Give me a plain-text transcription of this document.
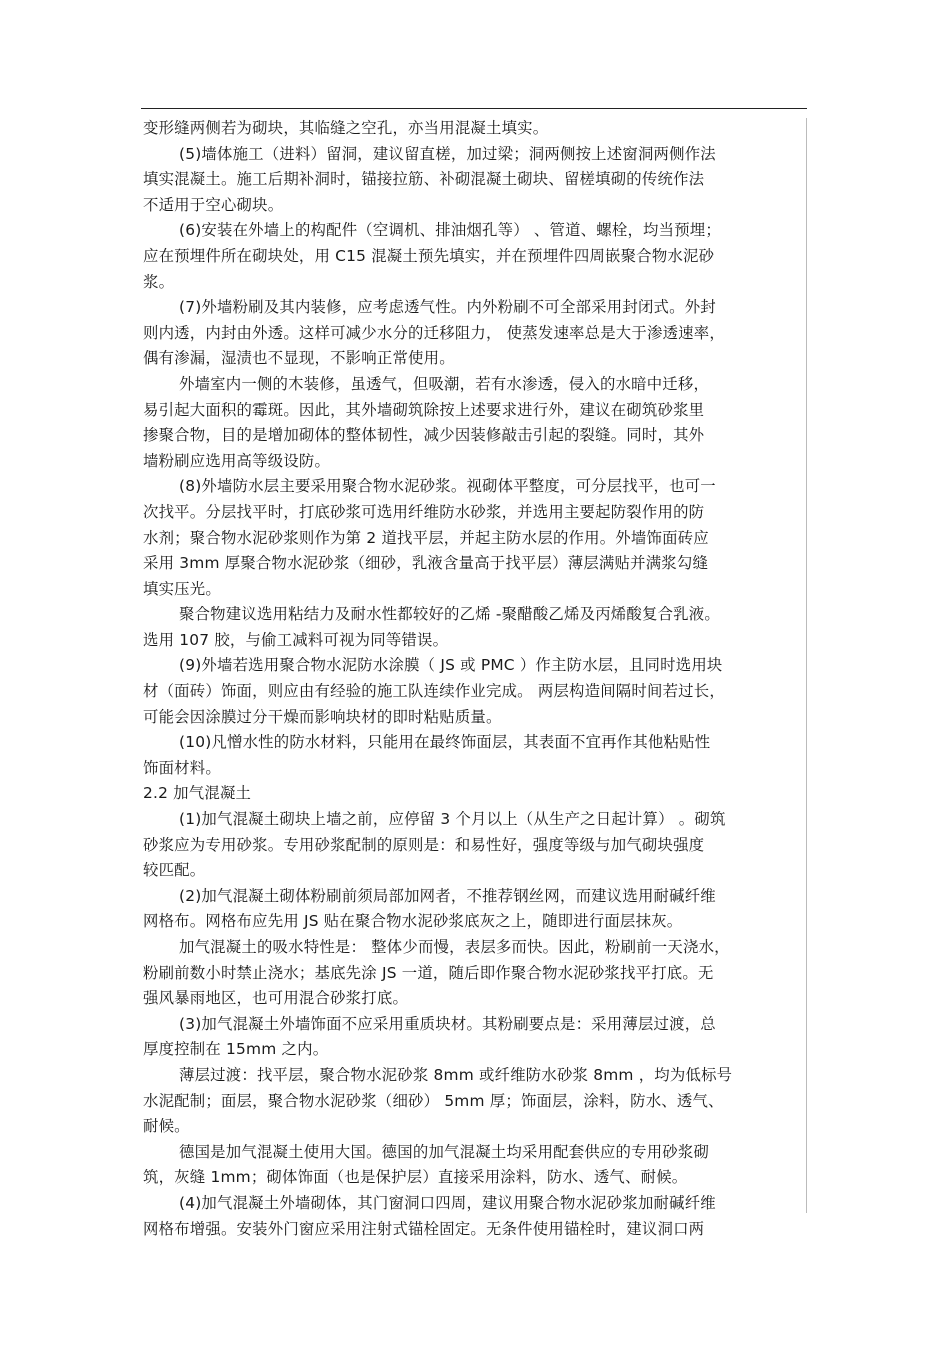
变形缝两侧若为砌块，其临缝之空孔，亦当用混凝土填实。
(5)墙体施工（进料）留洞，建议留直槎，加过梁；洞两侧按上述窗洞两侧作法
填实混凝土。施工后期补洞时，锚接拉筋、补砌混凝土砌块、留槎填砌的传统作法
不适用于空心砌块。
(6)安装在外墙上的构配件（空调机、排油烟孔等） 、管道、螺栓，均当预埋；
应在预埋件所在砌块处，用 C15 混凝土预先填实，并在预埋件四周嵌聚合物水泥砂
浆。
(7)外墙粉刷及其内装修，应考虑透气性。内外粉刷不可全部采用封闭式。外封
则内透，内封由外透。这样可减少水分的迁移阻力， 使蒸发速率总是大于渗透速率，
偶有渗漏，湿渍也不显现，不影响正常使用。
外墙室内一侧的木装修，虽透气，但吸潮，若有水渗透，侵入的水暗中迁移，
易引起大面积的霉斑。因此，其外墙砌筑除按上述要求进行外，建议在砌筑砂浆里
掺聚合物，目的是增加砌体的整体韧性，减少因装修敲击引起的裂缝。同时，其外
墙粉刷应选用高等级设防。
(8)外墙防水层主要采用聚合物水泥砂浆。视砌体平整度，可分层找平，也可一
次找平。分层找平时，打底砂浆可选用纤维防水砂浆，并选用主要起防裂作用的防
水剂；聚合物水泥砂浆则作为第 2 道找平层，并起主防水层的作用。外墙饰面砖应
采用 3mm 厚聚合物水泥砂浆（细砂，乳液含量高于找平层）薄层满贴并满浆勾缝
填实压光。
聚合物建议选用粘结力及耐水性都较好的乙烯 -聚醋酸乙烯及丙烯酸复合乳液。
选用 107 胶，与偷工减料可视为同等错误。
(9)外墙若选用聚合物水泥防水涂膜（ JS 或 PMC ）作主防水层，且同时选用块
材（面砖）饰面，则应由有经验的施工队连续作业完成。 两层构造间隔时间若过长，
可能会因涂膜过分干燥而影响块材的即时粘贴质量。
(10)凡憎水性的防水材料，只能用在最终饰面层，其表面不宜再作其他粘贴性
饰面材料。
2.2 加气混凝土
(1)加气混凝土砌块上墙之前，应停留 3 个月以上（从生产之日起计算） 。砌筑
砂浆应为专用砂浆。专用砂浆配制的原则是：和易性好，强度等级与加气砌块强度
较匹配。
(2)加气混凝土砌体粉刷前须局部加网者，不推荐钢丝网，而建议选用耐碱纤维
网格布。网格布应先用 JS 贴在聚合物水泥砂浆底灰之上，随即进行面层抹灰。
加气混凝土的吸水特性是： 整体少而慢，表层多而快。因此，粉刷前一天浇水，
粉刷前数小时禁止浇水；基底先涂 JS 一道，随后即作聚合物水泥砂浆找平打底。无
强风暴雨地区，也可用混合砂浆打底。
(3)加气混凝土外墙饰面不应采用重质块材。其粉刷要点是：采用薄层过渡，总
厚度控制在 15mm 之内。
薄层过渡：找平层，聚合物水泥砂浆 8mm 或纤维防水砂浆 8mm ，均为低标号
水泥配制；面层，聚合物水泥砂浆（细砂） 5mm 厚；饰面层，涂料，防水、透气、
耐候。
德国是加气混凝土使用大国。德国的加气混凝土均采用配套供应的专用砂浆砌
筑，灰缝 1mm；砌体饰面（也是保护层）直接采用涂料，防水、透气、耐候。
(4)加气混凝土外墙砌体，其门窗洞口四周，建议用聚合物水泥砂浆加耐碱纤维
网格布增强。安装外门窗应采用注射式锚栓固定。无条件使用锚栓时，建议洞口两
